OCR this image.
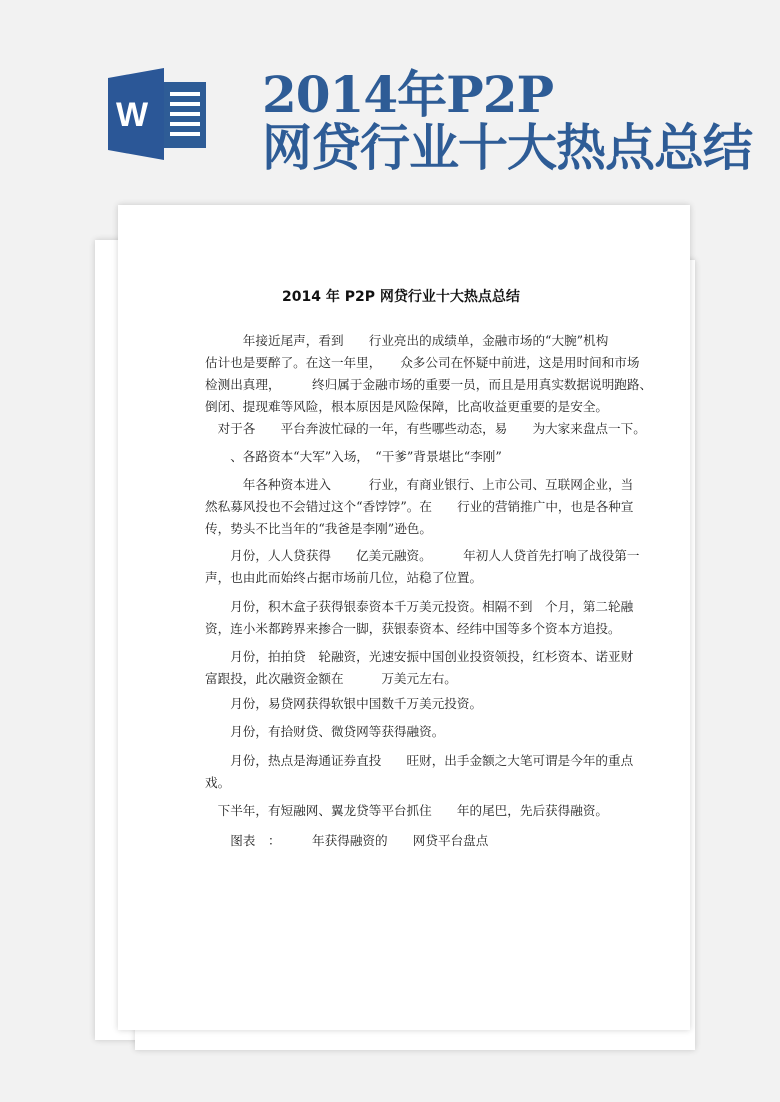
W 2014年P2P
网贷行业十大热点总结
2014 年 P2P 网贷行业十大热点总结
　　　年接近尾声，看到　　行业亮出的成绩单，金融市场的“大腕”机构
估计也是要醉了。在这一年里，　　众多公司在怀疑中前进，这是用时间和市场
检测出真理，　　　终归属于金融市场的重要一员，而且是用真实数据说明跑路、
倒闭、提现难等风险，根本原因是风险保障，比高收益更重要的是安全。
　对于各　　平台奔波忙碌的一年，有些哪些动态，易　　为大家来盘点一下。
　　、各路资本“大军”入场，　“干爹”背景堪比“李刚”
　　　年各种资本进入　　　行业，有商业银行、上市公司、互联网企业，当
然私募风投也不会错过这个“香饽饽”。在　　行业的营销推广中，也是各种宣
传，势头不比当年的“我爸是李刚”逊色。
　　月份，人人贷获得　　亿美元融资。　　　年初人人贷首先打响了战役第一
声，也由此而始终占据市场前几位，站稳了位置。
　　月份，积木盒子获得银泰资本千万美元投资。相隔不到　个月，第二轮融
资，连小米都跨界来掺合一脚，获银泰资本、经纬中国等多个资本方追投。
　　月份，拍拍贷　轮融资，光速安振中国创业投资领投，红杉资本、诺亚财
富跟投，此次融资金额在　　　万美元左右。
　　月份，易贷网获得软银中国数千万美元投资。
　　月份，有拾财贷、微贷网等获得融资。
　　月份，热点是海通证券直投　　旺财，出手金额之大笔可谓是今年的重点
戏。
　下半年，有短融网、翼龙贷等平台抓住　　年的尾巴，先后获得融资。
　　图表　：　　　年获得融资的　　网贷平台盘点
